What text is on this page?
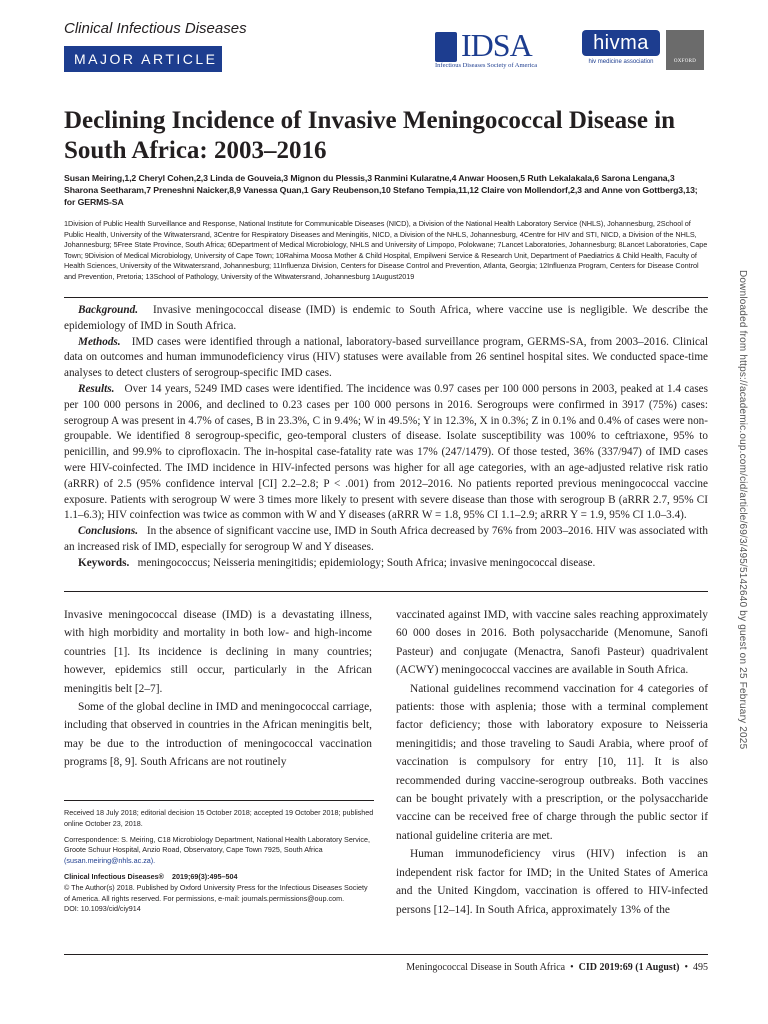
Clinical Infectious Diseases
MAJOR ARTICLE	IDSA
Infectious Diseases Society of America
hivma
hiv medicine association	OXFORD
Declining Incidence of Invasive Meningococcal Disease in South Africa: 2003–2016
Susan Meiring,1,2 Cheryl Cohen,2,3 Linda de Gouveia,3 Mignon du Plessis,3 Ranmini Kularatne,4 Anwar Hoosen,5 Ruth Lekalakala,6 Sarona Lengana,3 Sharona Seetharam,7 Preneshni Naicker,8,9 Vanessa Quan,1 Gary Reubenson,10 Stefano Tempia,11,12 Claire von Mollendorf,2,3 and Anne von Gottberg3,13; for GERMS-SA
1Division of Public Health Surveillance and Response, National Institute for Communicable Diseases (NICD), a Division of the National Health Laboratory Service (NHLS), Johannesburg, 2School of Public Health, University of the Witwatersrand, 3Centre for Respiratory Diseases and Meningitis, NICD, a Division of the NHLS, Johannesburg, 4Centre for HIV and STI, NICD, a Division of the NHLS, Johannesburg; 5Free State Province, South Africa; 6Department of Medical Microbiology, NHLS and University of Limpopo, Polokwane; 7Lancet Laboratories, Johannesburg; 8Lancet Laboratories, Cape Town; 9Division of Medical Microbiology, University of Cape Town; 10Rahima Moosa Mother & Child Hospital, Empilweni Service & Research Unit, Department of Paediatrics & Child Health, Faculty of Health Sciences, University of the Witwatersrand, Johannesburg; 11Influenza Division, Centers for Disease Control and Prevention, Atlanta, Georgia; 12Influenza Program, Centers for Disease Control and Prevention, Pretoria; 13School of Pathology, University of the Witwatersrand, Johannesburg 1August2019

Background. Invasive meningococcal disease (IMD) is endemic to South Africa, where vaccine use is negligible. We describe the epidemiology of IMD in South Africa.

Methods. IMD cases were identified through a national, laboratory-based surveillance program, GERMS-SA, from 2003–2016. Clinical data on outcomes and human immunodeficiency virus (HIV) statuses were available from 26 sentinel hospital sites. We conducted space-time analyses to detect clusters of serogroup-specific IMD cases.

Results. Over 14 years, 5249 IMD cases were identified. The incidence was 0.97 cases per 100 000 persons in 2003, peaked at 1.4 cases per 100 000 persons in 2006, and declined to 0.23 cases per 100 000 persons in 2016. Serogroups were confirmed in 3917 (75%) cases: serogroup A was present in 4.7% of cases, B in 23.3%, C in 9.4%; W in 49.5%; Y in 12.3%, X in 0.3%; Z in 0.1% and 0.4% of cases were non-groupable. We identified 8 serogroup-specific, geo-temporal clusters of disease. Isolate susceptibility was 100% to ceftriaxone, 95% to penicillin, and 99.9% to ciprofloxacin. The in-hospital case-fatality rate was 17% (247/1479). Of those tested, 36% (337/947) of IMD cases were HIV-coinfected. The IMD incidence in HIV-infected persons was higher for all age categories, with an age-adjusted relative risk ratio (aRRR) of 2.5 (95% confidence interval [CI] 2.2–2.8; P < .001) from 2012–2016. No patients reported previous meningococcal vaccine exposure. Patients with serogroup W were 3 times more likely to present with severe disease than those with serogroup B (aRRR 2.7, 95% CI 1.1–6.3); HIV coinfection was twice as common with W and Y diseases (aRRR W = 1.8, 95% CI 1.1–2.9; aRRR Y = 1.9, 95% CI 1.0–3.4).

Conclusions. In the absence of significant vaccine use, IMD in South Africa decreased by 76% from 2003–2016. HIV was associated with an increased risk of IMD, especially for serogroup W and Y diseases.

Keywords. meningococcus; Neisseria meningitidis; epidemiology; South Africa; invasive meningococcal disease.

Invasive meningococcal disease (IMD) is a devastating illness, with high morbidity and mortality in both low- and high-income countries [1]. Its incidence is declining in many countries; however, epidemics still occur, particularly in the African meningitis belt [2–7].

Some of the global decline in IMD and meningococcal carriage, including that observed in countries in the African meningitis belt, may be due to the introduction of meningococcal vaccination programs [8, 9]. South Africans are not routinely

vaccinated against IMD, with vaccine sales reaching approximately 60 000 doses in 2016. Both polysaccharide (Menomune, Sanofi Pasteur) and conjugate (Menactra, Sanofi Pasteur) quadrivalent (ACWY) meningococcal vaccines are available in South Africa.

National guidelines recommend vaccination for 4 categories of patients: those with asplenia; those with a terminal complement factor deficiency; those with laboratory exposure to Neisseria meningitidis; and those traveling to Saudi Arabia, where proof of vaccination is compulsory for entry [10, 11]. It is also recommended during vaccine-serogroup outbreaks. Both vaccines can be bought privately with a prescription, or the polysaccharide vaccine can be received free of charge through the public sector if national guideline criteria are met.

Human immunodeficiency virus (HIV) infection is an independent risk factor for IMD; in the United States of America and the United Kingdom, vaccination is offered to HIV-infected persons [12–14]. In South Africa, approximately 13% of the

Received 18 July 2018; editorial decision 15 October 2018; accepted 19 October 2018; published online October 23, 2018.

Correspondence: S. Meiring, C18 Microbiology Department, National Health Laboratory Service, Groote Schuur Hospital, Anzio Road, Observatory, Cape Town 7925, South Africa (susan.meiring@nhls.ac.za).

Clinical Infectious Diseases® 2019;69(3):495–504
© The Author(s) 2018. Published by Oxford University Press for the Infectious Diseases Society of America. All rights reserved. For permissions, e-mail: journals.permissions@oup.com.
DOI: 10.1093/cid/ciy914

Meningococcal Disease in South Africa  •  CID 2019:69 (1 August)  •  495
Downloaded from https://academic.oup.com/cid/article/69/3/495/5142640 by guest on 25 February 2025
